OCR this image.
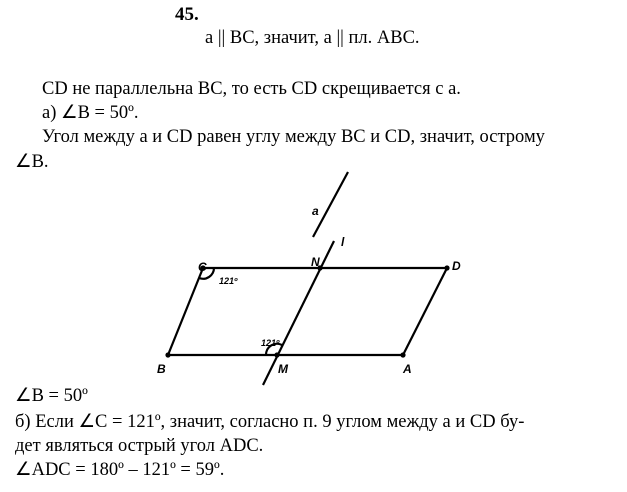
45.
a || BC, значит, a || пл. ABC.
CD не параллельна BC, то есть CD скрещивается с a.
а) ∠B = 50º.
Угол между a и CD равен углу между BC и CD, значит, острому
∠B.
a
l
C	N	D
B	M	A
121º
121º
∠B = 50º
б) Если ∠C = 121º, значит, согласно п. 9 углом между a и CD бу-
дет являться острый угол ADC.
∠ADC = 180º – 121º = 59º.
